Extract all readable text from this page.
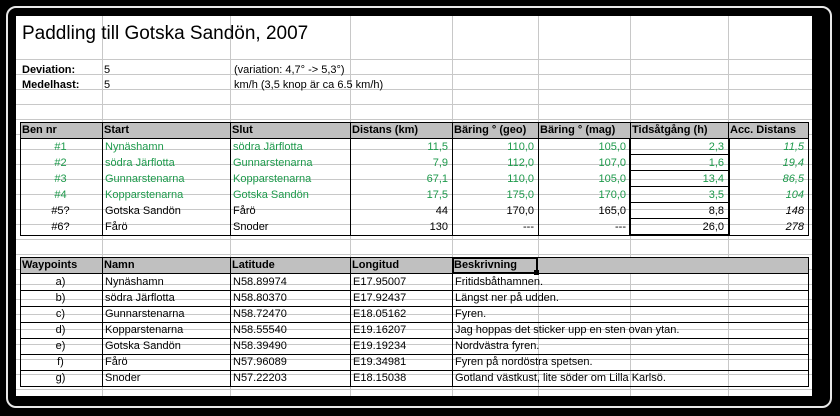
Paddling till Gotska Sandön, 2007
Deviation:	5	(variation: 4,7° -> 5,3°)
Medelhast: 5	km/h (3,5 knop är ca 6.5 km/h)
Ben nr	Start	Slut	Distans (km)	Bäring ° (geo)	Bäring ° (mag)	Tidsåtgång (h)	Acc. Distans
#1	Nynäshamn	södra Järflotta	11,5	110,0	105,0	2,3	11,5
#2	södra Järflotta	Gunnarstenarna	7,9	112,0	107,0	1,6	19,4
#3	Gunnarstenarna	Kopparstenarna	67,1	110,0	105,0	13,4	86,5
#4	Kopparstenarna	Gotska Sandön	17,5	175,0	170,0	3,5	104
#5?	Gotska Sandön	Fårö	44	170,0	165,0	8,8	148
#6?	Fårö	Snoder	130	---	---	26,0	278
Waypoints	Namn	Latitude	Longitud	Beskrivning
a)	Nynäshamn	N58.89974	E17.95007	Fritidsbåthamnen.
b)	södra Järflotta	N58.80370	E17.92437	Längst ner på udden.
c)	Gunnarstenarna	N58.72470	E18.05162	Fyren.
d)	Kopparstenarna	N58.55540	E19.16207	Jag hoppas det sticker upp en sten ovan ytan.
e)	Gotska Sandön	N58.39490	E19.19234	Nordvästra fyren.
f)	Fårö	N57.96089	E19.34981	Fyren på nordöstra spetsen.
g)	Snoder	N57.22203	E18.15038	Gotland västkust, lite söder om Lilla Karlsö.
